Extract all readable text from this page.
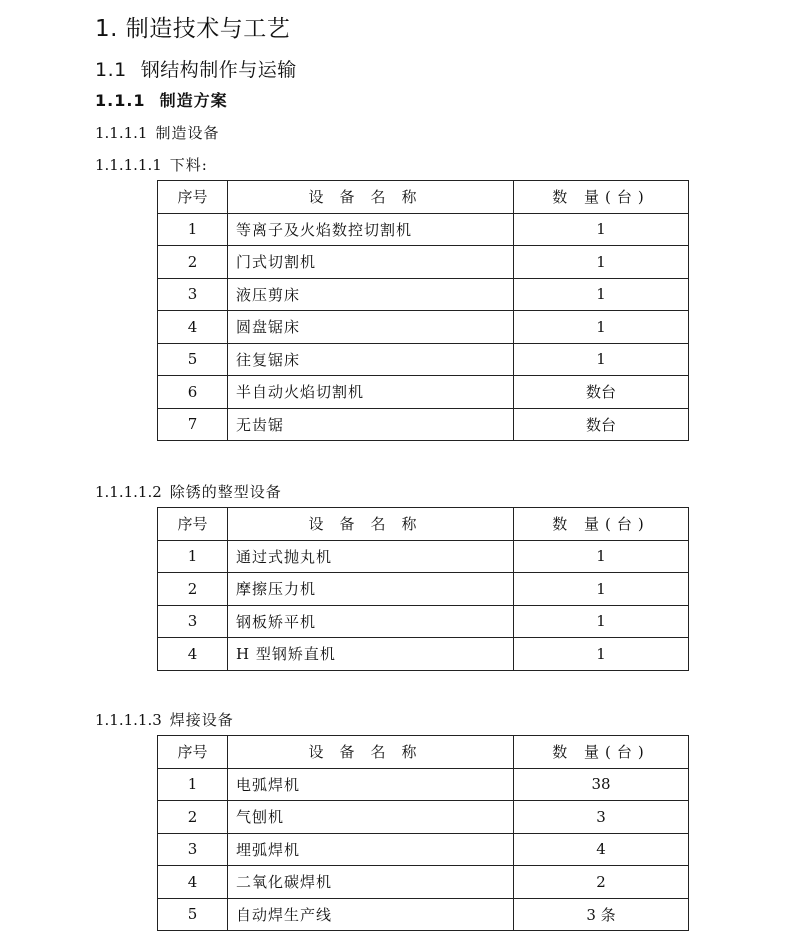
1. 制造技术与工艺
1.1 钢结构制作与运输
1.1.1 制造方案
1.1.1.1 制造设备
1.1.1.1.1 下料:
序号	设备名称	数 量(台)
1	等离子及火焰数控切割机	1
2	门式切割机	1
3	液压剪床	1
4	圆盘锯床	1
5	往复锯床	1
6	半自动火焰切割机	数台
7	无齿锯	数台
1.1.1.1.2 除锈的整型设备
序号	设备名称	数 量(台)
1	通过式抛丸机	1
2	摩擦压力机	1
3	钢板矫平机	1
4	H 型钢矫直机	1
1.1.1.1.3 焊接设备
序号	设备名称	数 量(台)
1	电弧焊机	38
2	气刨机	3
3	埋弧焊机	4
4	二氧化碳焊机	2
5	自动焊生产线	3 条
